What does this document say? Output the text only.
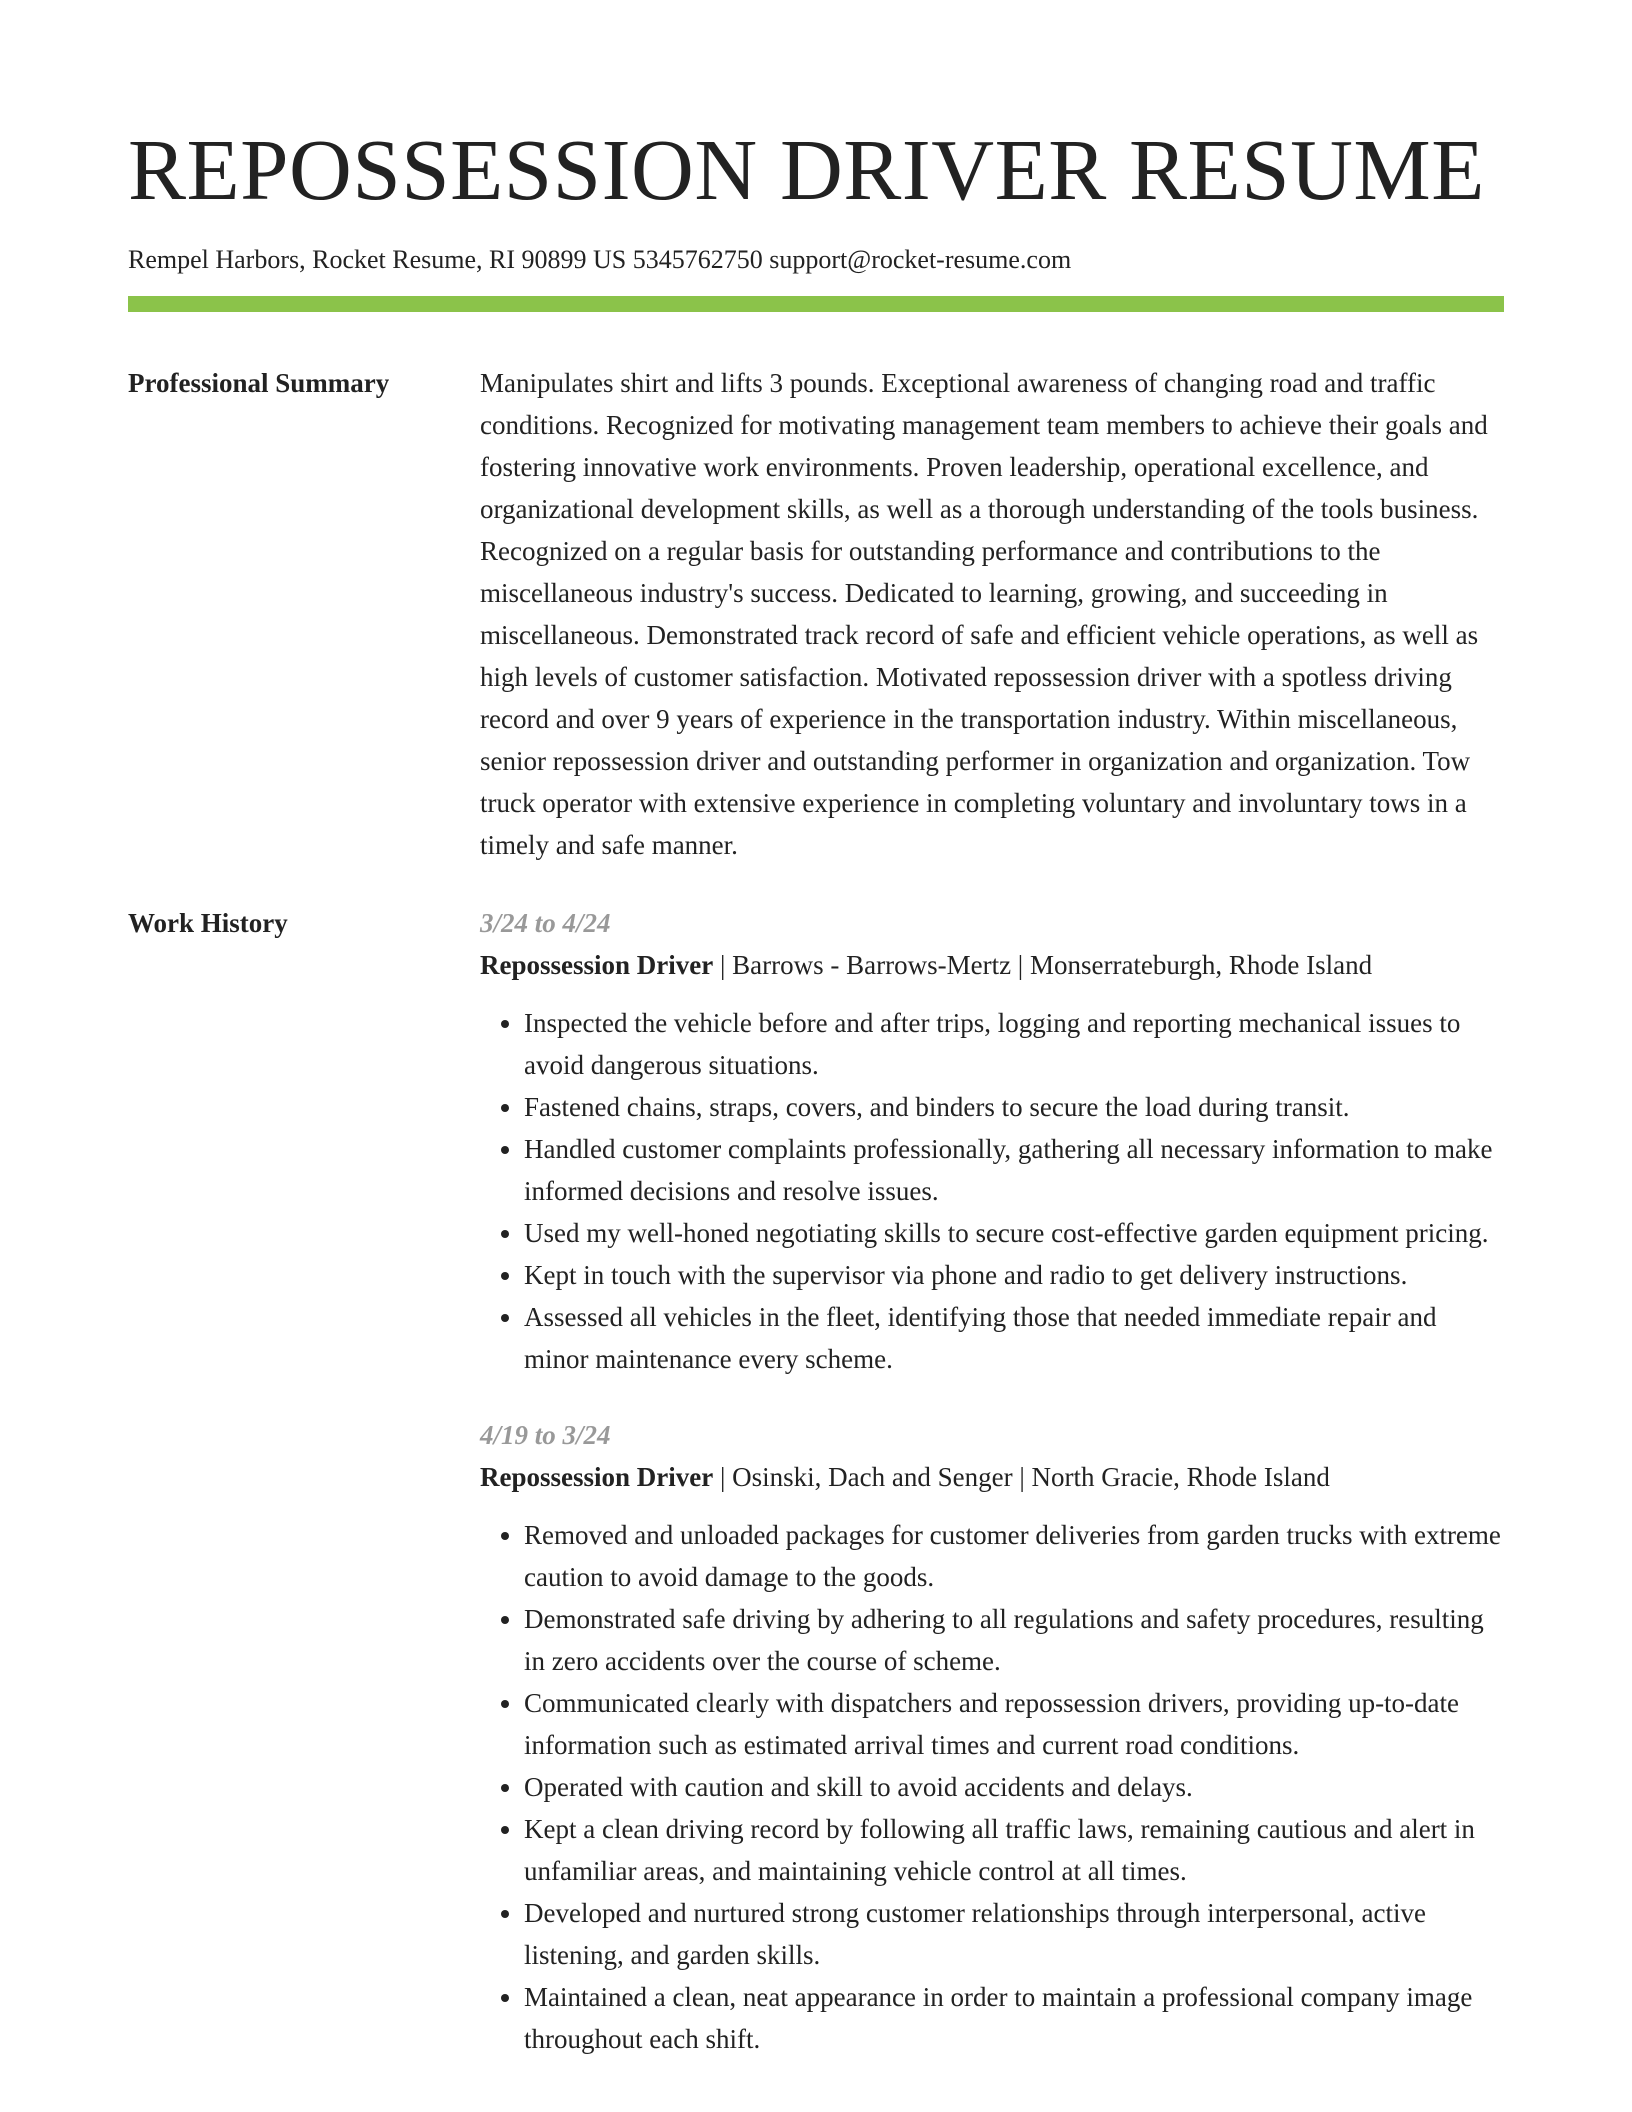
REPOSSESSION DRIVER RESUME
Rempel Harbors, Rocket Resume, RI 90899 US 5345762750 support@rocket-resume.com
Professional Summary	Manipulates shirt and lifts 3 pounds. Exceptional awareness of changing road and traffic conditions. Recognized for motivating management team members to achieve their goals and fostering innovative work environments. Proven leadership, operational excellence, and organizational development skills, as well as a thorough understanding of the tools business. Recognized on a regular basis for outstanding performance and contributions to the miscellaneous industry's success. Dedicated to learning, growing, and succeeding in miscellaneous. Demonstrated track record of safe and efficient vehicle operations, as well as high levels of customer satisfaction. Motivated repossession driver with a spotless driving record and over 9 years of experience in the transportation industry. Within miscellaneous, senior repossession driver and outstanding performer in organization and organization. Tow truck operator with extensive experience in completing voluntary and involuntary tows in a timely and safe manner.
Work History	3/24 to 4/24
Repossession Driver | Barrows - Barrows-Mertz | Monserrateburgh, Rhode Island
• Inspected the vehicle before and after trips, logging and reporting mechanical issues to avoid dangerous situations.
• Fastened chains, straps, covers, and binders to secure the load during transit.
• Handled customer complaints professionally, gathering all necessary information to make informed decisions and resolve issues.
• Used my well-honed negotiating skills to secure cost-effective garden equipment pricing.
• Kept in touch with the supervisor via phone and radio to get delivery instructions.
• Assessed all vehicles in the fleet, identifying those that needed immediate repair and minor maintenance every scheme.
4/19 to 3/24
Repossession Driver | Osinski, Dach and Senger | North Gracie, Rhode Island
• Removed and unloaded packages for customer deliveries from garden trucks with extreme caution to avoid damage to the goods.
• Demonstrated safe driving by adhering to all regulations and safety procedures, resulting in zero accidents over the course of scheme.
• Communicated clearly with dispatchers and repossession drivers, providing up-to-date information such as estimated arrival times and current road conditions.
• Operated with caution and skill to avoid accidents and delays.
• Kept a clean driving record by following all traffic laws, remaining cautious and alert in unfamiliar areas, and maintaining vehicle control at all times.
• Developed and nurtured strong customer relationships through interpersonal, active listening, and garden skills.
• Maintained a clean, neat appearance in order to maintain a professional company image throughout each shift.
